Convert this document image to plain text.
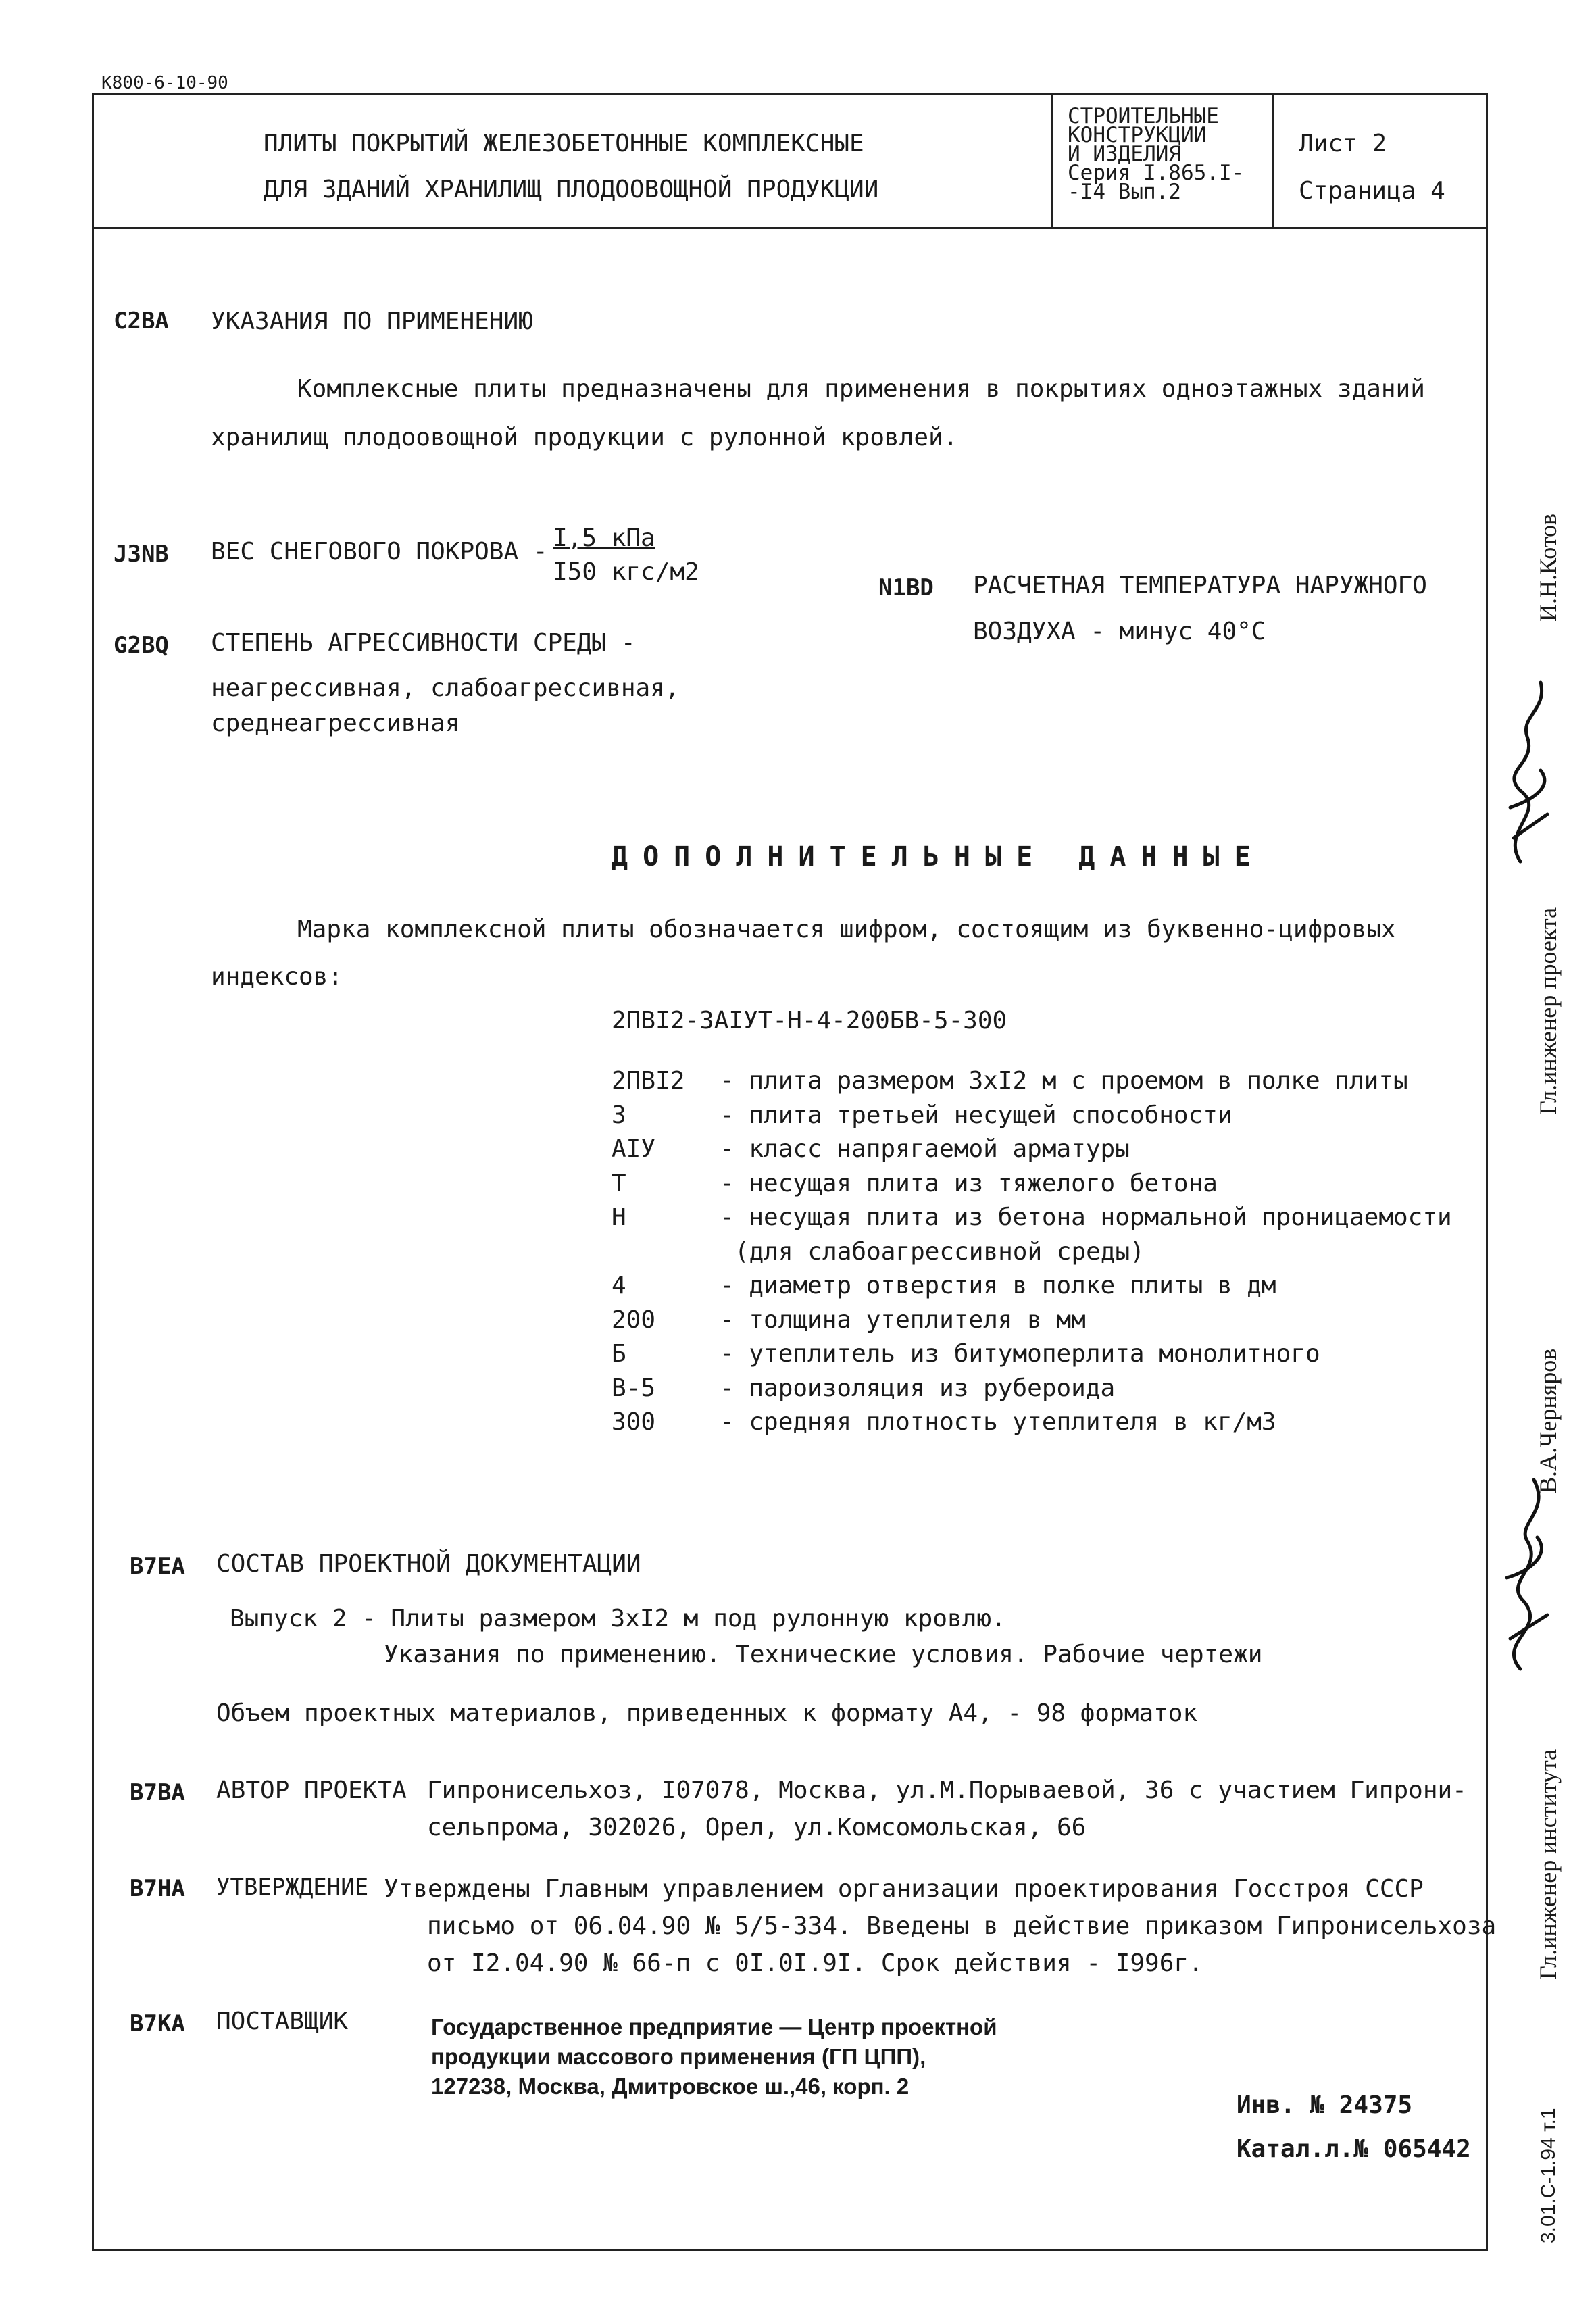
К800-6-10-90
ПЛИТЫ ПОКРЫТИЙ ЖЕЛЕЗОБЕТОННЫЕ КОМПЛЕКСНЫЕ
ДЛЯ ЗДАНИЙ ХРАНИЛИЩ ПЛОДООВОЩНОЙ ПРОДУКЦИИ
СТРОИТЕЛЬНЫЕ
КОНСТРУКЦИИ
И ИЗДЕЛИЯ
Серия I.865.I-
-I4 Вып.2
Лист 2
Страница 4
C2BA УКАЗАНИЯ ПО ПРИМЕНЕНИЮ
Комплексные плиты предназначены для применения в покрытиях одноэтажных зданий
хранилищ плодоовощной продукции с рулонной кровлей.
J3NB ВЕС СНЕГОВОГО ПОКРОВА - I,5 кПа
I50 кгс/м2
N1BD РАСЧЕТНАЯ ТЕМПЕРАТУРА НАРУЖНОГО
ВОЗДУХА - минус 40°C
G2BQ СТЕПЕНЬ АГРЕССИВНОСТИ СРЕДЫ -
неагрессивная, слабоагрессивная,
среднеагрессивная
ДОПОЛНИТЕЛЬНЫЕ ДАННЫЕ
Марка комплексной плиты обозначается шифром, состоящим из буквенно-цифровых
индексов:
2ПВI2-3АIУТ-Н-4-200БВ-5-300
2ПВI2 - плита размером 3хI2 м с проемом в полке плиты
3	- плита третьей несущей способности
АIУ	- класс напрягаемой арматуры
Т	- несущая плита из тяжелого бетона
Н	- несущая плита из бетона нормальной проницаемости
(для слабоагрессивной среды)
4	- диаметр отверстия в полке плиты в дм
200	- толщина утеплителя в мм
Б	- утеплитель из битумоперлита монолитного
В-5	- пароизоляция из рубероида
300	- средняя плотность утеплителя в кг/м3
B7EA СОСТАВ ПРОЕКТНОЙ ДОКУМЕНТАЦИИ
Выпуск 2 - Плиты размером 3хI2 м под рулонную кровлю.
Указания по применению. Технические условия. Рабочие чертежи
Объем проектных материалов, приведенных к формату А4, - 98 форматок
B7BA АВТОР ПРОЕКТА Гипронисельхоз, I07078, Москва, ул.М.Порываевой, 36 с участием Гипрони-
сельпрома, 302026, Орел, ул.Комсомольская, 66
B7HA УТВЕРЖДЕНИЕ Утверждены Главным управлением организации проектирования Госстроя СССР
письмо от 06.04.90 № 5/5-334. Введены в действие приказом Гипронисельхоза
от I2.04.90 № 66-п с 0I.0I.9I. Срок действия - I996г.
B7KA ПОСТАВЩИК	Государственное предприятие — Центр проектной
продукции массового применения (ГП ЦПП),
127238, Москва, Дмитровское ш.,46, корп. 2
Инв. № 24375
Катал.л.№ 065442
И.Н.Котов
Гл.инженер проекта
В.А.Черняров
Гл.инженер института
3.01.С-1.94 т.1
